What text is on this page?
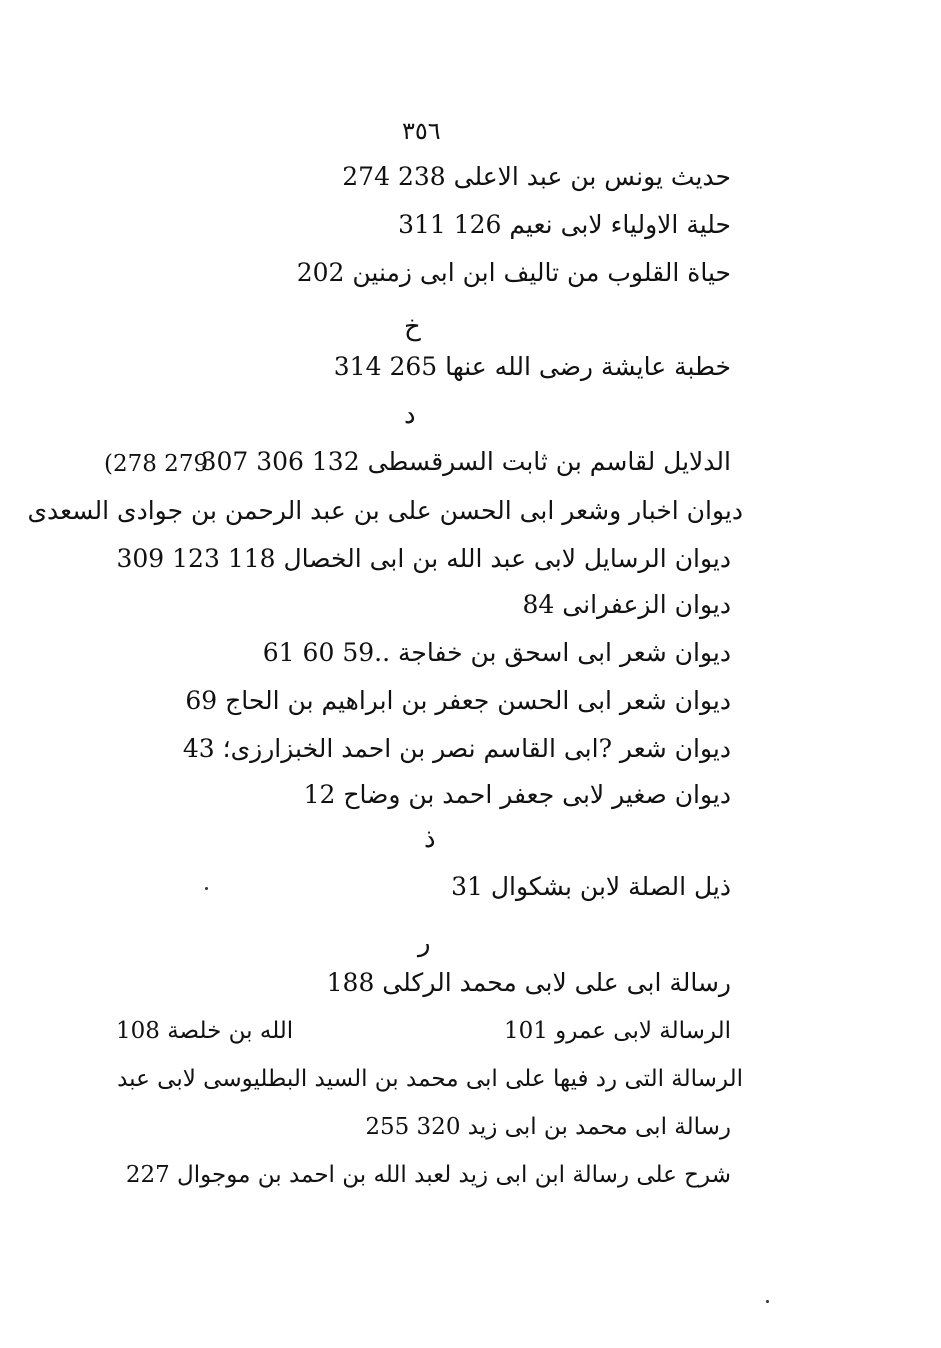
٣٥٦
حديث يونس بن عبد الاعلى 238 274
حلية الاولياء لابى نعيم 126 311
حياة القلوب من تاليف ابن ابى زمنين 202
خ
خطبة عايشة رضى الله عنها 265 314
د
الدلايل لقاسم بن ثابت السرقسطى 132 306 307
(278 279
ديوان اخبار وشعر ابى الحسن على بن عبد الرحمن بن جوادى السعدى
ديوان الرسايل لابى عبد الله بن ابى الخصال 118 123 309
ديوان الزعفرانى 84
ديوان شعر ابى اسحق بن خفاجة ..59 60 61
ديوان شعر ابى الحسن جعفر بن ابراهيم بن الحاج 69
ديوان شعر ?ابى القاسم نصر بن احمد الخبزارزى؛ 43
ديوان صغير لابى جعفر احمد بن وضاح 12
ذ
ذيل الصلة لابن بشكوال 31
ر
رسالة ابى على لابى محمد الركلى 188
الرسالة لابى عمرو 101
الله بن خلصة 108
الرسالة التى رد فيها على ابى محمد بن السيد البطليوسى لابى عبد
رسالة ابى محمد بن ابى زيد 320 255
شرح على رسالة ابن ابى زيد لعبد الله بن احمد بن موجوال 227
